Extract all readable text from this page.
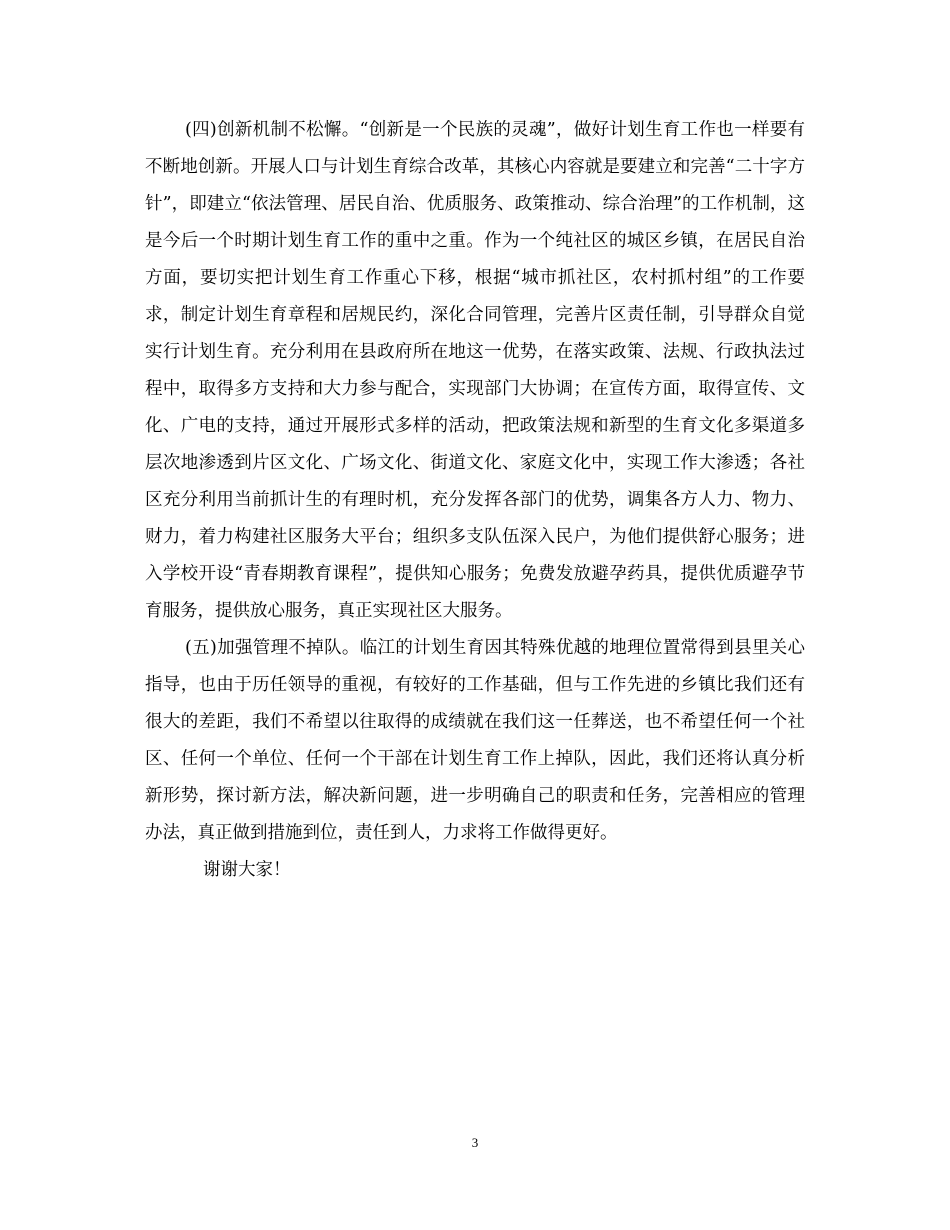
(四)创新机制不松懈。“创新是一个民族的灵魂”，做好计划生育工作也一样要有不断地创新。开展人口与计划生育综合改革，其核心内容就是要建立和完善“二十字方针”，即建立“依法管理、居民自治、优质服务、政策推动、综合治理”的工作机制，这是今后一个时期计划生育工作的重中之重。作为一个纯社区的城区乡镇，在居民自治方面，要切实把计划生育工作重心下移，根据“城市抓社区，农村抓村组”的工作要求，制定计划生育章程和居规民约，深化合同管理，完善片区责任制，引导群众自觉实行计划生育。充分利用在县政府所在地这一优势，在落实政策、法规、行政执法过程中，取得多方支持和大力参与配合，实现部门大协调；在宣传方面，取得宣传、文化、广电的支持，通过开展形式多样的活动，把政策法规和新型的生育文化多渠道多层次地渗透到片区文化、广场文化、街道文化、家庭文化中，实现工作大渗透；各社区充分利用当前抓计生的有理时机，充分发挥各部门的优势，调集各方人力、物力、财力，着力构建社区服务大平台；组织多支队伍深入民户，为他们提供舒心服务；进入学校开设“青春期教育课程”，提供知心服务；免费发放避孕药具，提供优质避孕节育服务，提供放心服务，真正实现社区大服务。

(五)加强管理不掉队。临江的计划生育因其特殊优越的地理位置常得到县里关心指导，也由于历任领导的重视，有较好的工作基础，但与工作先进的乡镇比我们还有很大的差距，我们不希望以往取得的成绩就在我们这一任葬送，也不希望任何一个社区、任何一个单位、任何一个干部在计划生育工作上掉队，因此，我们还将认真分析新形势，探讨新方法，解决新问题，进一步明确自己的职责和任务，完善相应的管理办法，真正做到措施到位，责任到人，力求将工作做得更好。

谢谢大家！

3
